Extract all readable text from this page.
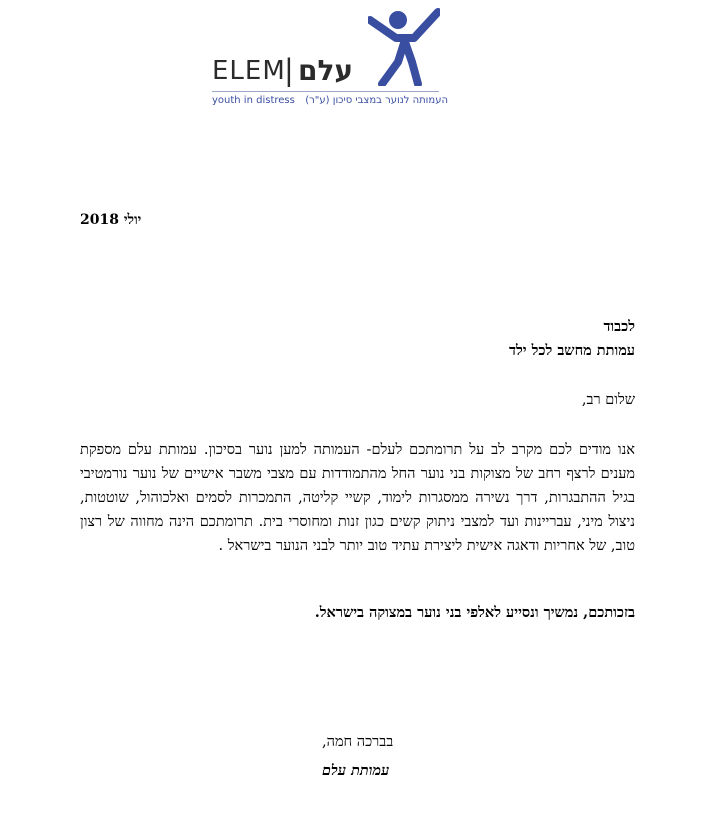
ELEM
| עלם
youth in distress העמותה לנוער במצבי סיכון (ע"ר)
יולי 2018
לכבוד
עמותת מחשב לכל ילד
שלום רב,
אנו מודים לכם מקרב לב על תרומתכם לעלם- העמותה למען נוער בסיכון. עמותת עלם מספקת מענים לרצף רחב של מצוקות בני נוער החל מהתמודדות עם מצבי משבר אישיים של נוער נורמטיבי בגיל ההתבגרות, דרך נשירה ממסגרות לימוד, קשיי קליטה, התמכרות לסמים ואלכוהול, שוטטות, ניצול מיני, עבריינות ועד למצבי ניתוק קשים כגון זנות ומחוסרי בית. תרומתכם הינה מחווה של רצון טוב, של אחריות ודאגה אישית ליצירת עתיד טוב יותר לבני הנוער בישראל .
בזכותכם, נמשיך ונסייע לאלפי בני נוער במצוקה בישראל.
בברכה חמה,
עמותת עלם
